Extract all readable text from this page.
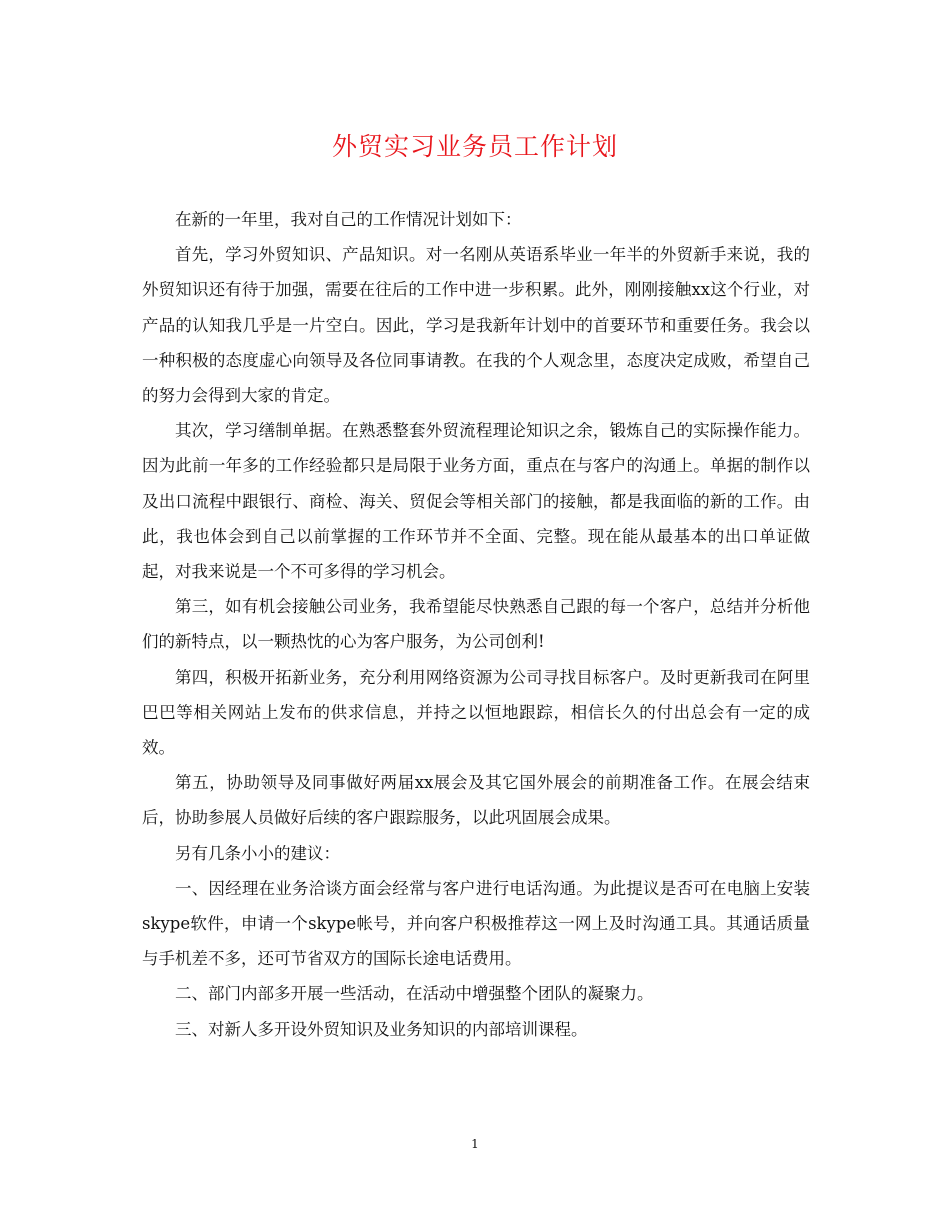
外贸实习业务员工作计划

在新的一年里，我对自己的工作情况计划如下：

首先，学习外贸知识、产品知识。对一名刚从英语系毕业一年半的外贸新手来说，我的外贸知识还有待于加强，需要在往后的工作中进一步积累。此外，刚刚接触xx这个行业，对产品的认知我几乎是一片空白。因此，学习是我新年计划中的首要环节和重要任务。我会以一种积极的态度虚心向领导及各位同事请教。在我的个人观念里，态度决定成败，希望自己的努力会得到大家的肯定。

其次，学习缮制单据。在熟悉整套外贸流程理论知识之余，锻炼自己的实际操作能力。因为此前一年多的工作经验都只是局限于业务方面，重点在与客户的沟通上。单据的制作以及出口流程中跟银行、商检、海关、贸促会等相关部门的接触，都是我面临的新的工作。由此，我也体会到自己以前掌握的工作环节并不全面、完整。现在能从最基本的出口单证做起，对我来说是一个不可多得的学习机会。

第三，如有机会接触公司业务，我希望能尽快熟悉自己跟的每一个客户，总结并分析他们的新特点，以一颗热忱的心为客户服务，为公司创利!

第四，积极开拓新业务，充分利用网络资源为公司寻找目标客户。及时更新我司在阿里巴巴等相关网站上发布的供求信息，并持之以恒地跟踪，相信长久的付出总会有一定的成效。

第五，协助领导及同事做好两届xx展会及其它国外展会的前期准备工作。在展会结束后，协助参展人员做好后续的客户跟踪服务，以此巩固展会成果。

另有几条小小的建议：

一、因经理在业务洽谈方面会经常与客户进行电话沟通。为此提议是否可在电脑上安装skype软件，申请一个skype帐号，并向客户积极推荐这一网上及时沟通工具。其通话质量与手机差不多，还可节省双方的国际长途电话费用。

二、部门内部多开展一些活动，在活动中增强整个团队的凝聚力。

三、对新人多开设外贸知识及业务知识的内部培训课程。

1
